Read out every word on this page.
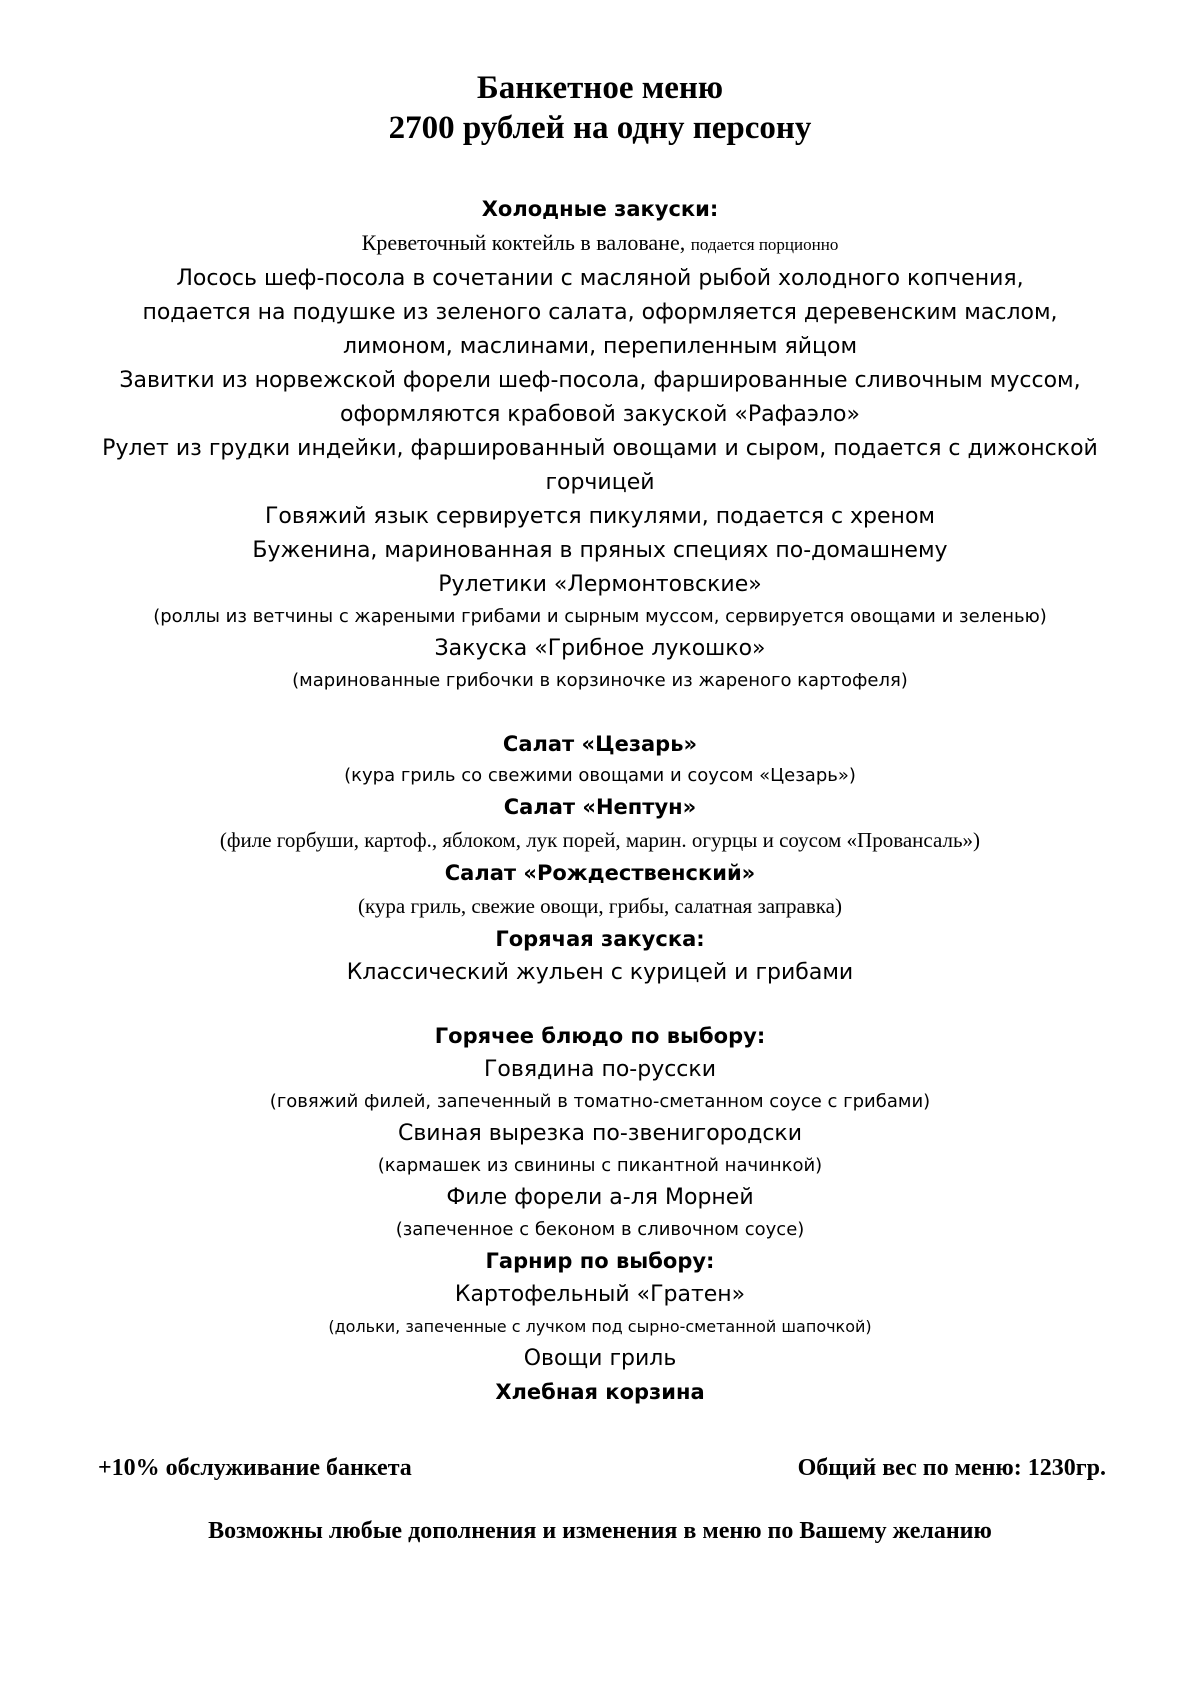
Банкетное меню
2700 рублей на одну персону
Холодные закуски:
Креветочный коктейль в валоване, подается порционно
Лосось шеф-посола в сочетании с масляной рыбой холодного копчения, подается на подушке из зеленого салата, оформляется деревенским маслом, лимоном, маслинами, перепиленным яйцом
Завитки из норвежской форели шеф-посола, фаршированные сливочным муссом, оформляются крабовой закуской «Рафаэло»
Рулет из грудки индейки, фаршированный овощами и сыром, подается с дижонской горчицей
Говяжий язык сервируется пикулями, подается с хреном
Буженина, маринованная в пряных специях по-домашнему
Рулетики «Лермонтовские»
(роллы из ветчины с жареными грибами и сырным муссом, сервируется овощами и зеленью)
Закуска «Грибное лукошко»
(маринованные грибочки в корзиночке из жареного картофеля)
Салат «Цезарь»
(кура гриль со свежими овощами и соусом «Цезарь»)
Салат «Нептун»
(филе горбуши, картоф., яблоком, лук порей, марин. огурцы и соусом «Провансаль»)
Салат «Рождественский»
(кура гриль, свежие овощи, грибы, салатная заправка)
Горячая закуска:
Классический жульен с курицей и грибами
Горячее блюдо по выбору:
Говядина по-русски
(говяжий филей, запеченный в томатно-сметанном соусе с грибами)
Свиная вырезка по-звенигородски
(кармашек из свинины с пикантной начинкой)
Филе форели а-ля Морней
(запеченное с беконом в сливочном соусе)
Гарнир по выбору:
Картофельный «Гратен»
(дольки, запеченные с лучком под сырно-сметанной шапочкой)
Овощи гриль
Хлебная корзина
+10% обслуживание банкета	Общий вес по меню: 1230гр.
Возможны любые дополнения и изменения в меню по Вашему желанию
